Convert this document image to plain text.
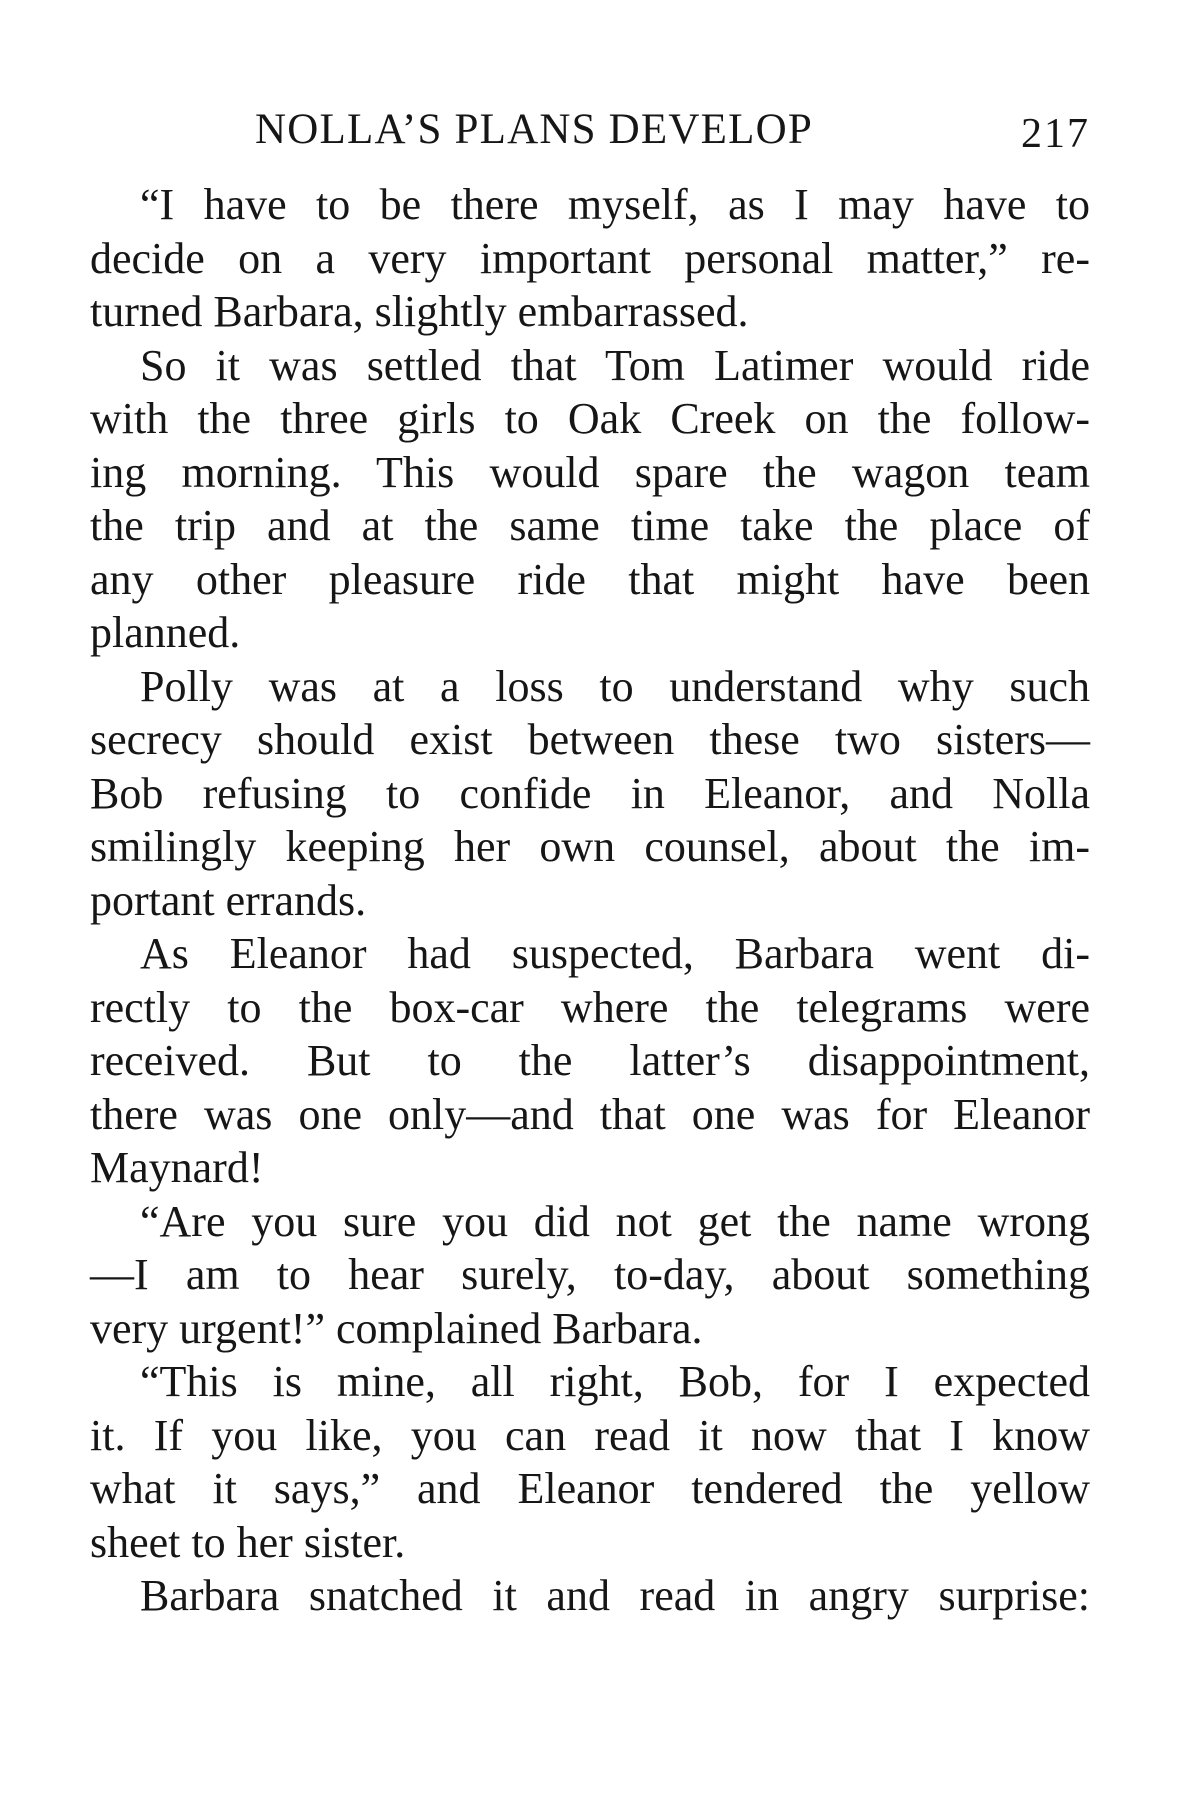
NOLLA’S PLANS DEVELOP	217
“I have to be there myself, as I may have to
decide on a very important personal matter,” re-
turned Barbara, slightly embarrassed.
So it was settled that Tom Latimer would ride
with the three girls to Oak Creek on the follow-
ing morning. This would spare the wagon team
the trip and at the same time take the place of
any other pleasure ride that might have been
planned.
Polly was at a loss to understand why such
secrecy should exist between these two sisters—
Bob refusing to confide in Eleanor, and Nolla
smilingly keeping her own counsel, about the im-
portant errands.
As Eleanor had suspected, Barbara went di-
rectly to the box-car where the telegrams were
received. But to the latter’s disappointment,
there was one only—and that one was for Eleanor
Maynard!
“Are you sure you did not get the name wrong
—I am to hear surely, to-day, about something
very urgent!” complained Barbara.
“This is mine, all right, Bob, for I expected
it. If you like, you can read it now that I know
what it says,” and Eleanor tendered the yellow
sheet to her sister.
Barbara snatched it and read in angry surprise:
